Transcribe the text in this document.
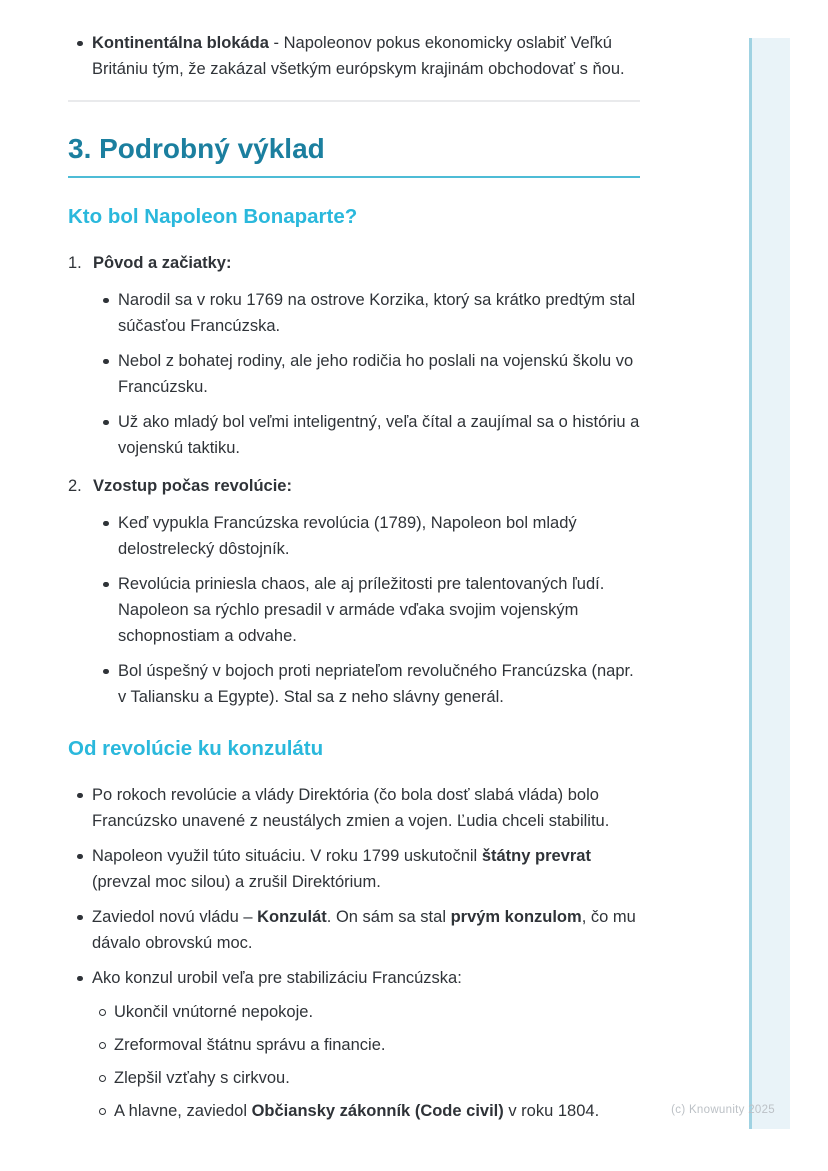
(c) Knowunity 2025
Kontinentálna blokáda - Napoleonov pokus ekonomicky oslabiť Veľkú Britániu tým, že zakázal všetkým európskym krajinám obchodovať s ňou.
3. Podrobný výklad
Kto bol Napoleon Bonaparte?
1. Pôvod a začiatky:
Narodil sa v roku 1769 na ostrove Korzika, ktorý sa krátko predtým stal súčasťou Francúzska.
Nebol z bohatej rodiny, ale jeho rodičia ho poslali na vojenskú školu vo Francúzsku.
Už ako mladý bol veľmi inteligentný, veľa čítal a zaujímal sa o históriu a vojenskú taktiku.
2. Vzostup počas revolúcie:
Keď vypukla Francúzska revolúcia (1789), Napoleon bol mladý delostrelecký dôstojník.
Revolúcia priniesla chaos, ale aj príležitosti pre talentovaných ľudí. Napoleon sa rýchlo presadil v armáde vďaka svojim vojenským schopnostiam a odvahe.
Bol úspešný v bojoch proti nepriateľom revolučného Francúzska (napr. v Taliansku a Egypte). Stal sa z neho slávny generál.
Od revolúcie ku konzulátu
Po rokoch revolúcie a vlády Direktória (čo bola dosť slabá vláda) bolo Francúzsko unavené z neustálych zmien a vojen. Ľudia chceli stabilitu.
Napoleon využil túto situáciu. V roku 1799 uskutočnil štátny prevrat (prevzal moc silou) a zrušil Direktórium.
Zaviedol novú vládu – Konzulát. On sám sa stal prvým konzulom, čo mu dávalo obrovskú moc.
Ako konzul urobil veľa pre stabilizáciu Francúzska:
Ukončil vnútorné nepokoje.
Zreformoval štátnu správu a financie.
Zlepšil vzťahy s cirkvou.
A hlavne, zaviedol Občiansky zákonník (Code civil) v roku 1804.
